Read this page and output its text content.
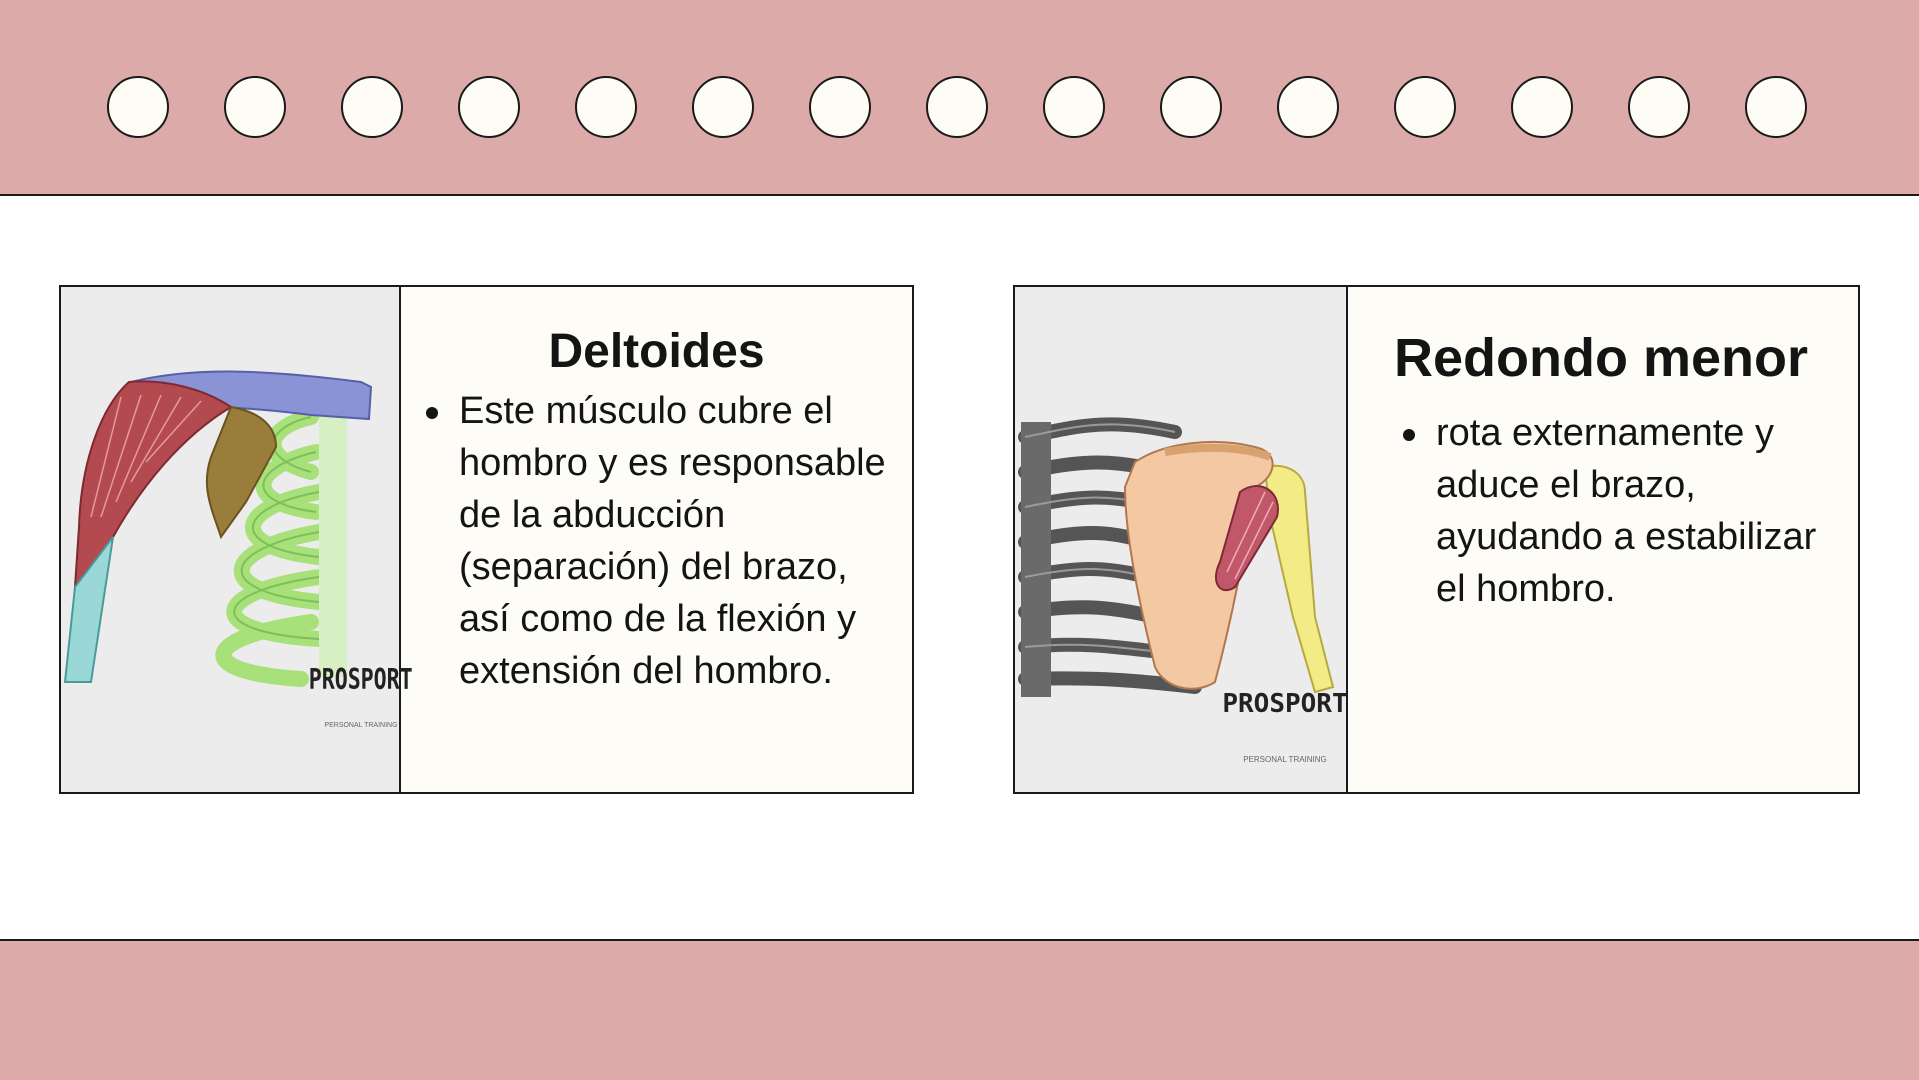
PROSPORT
PERSONAL TRAINING
Deltoides
Este músculo cubre el hombro y es responsable de la abducción (separación) del brazo, así como de la flexión y extensión del hombro.
PROSPORT
PERSONAL TRAINING
Redondo menor
rota externamente y aduce el brazo, ayudando a estabilizar el hombro.
